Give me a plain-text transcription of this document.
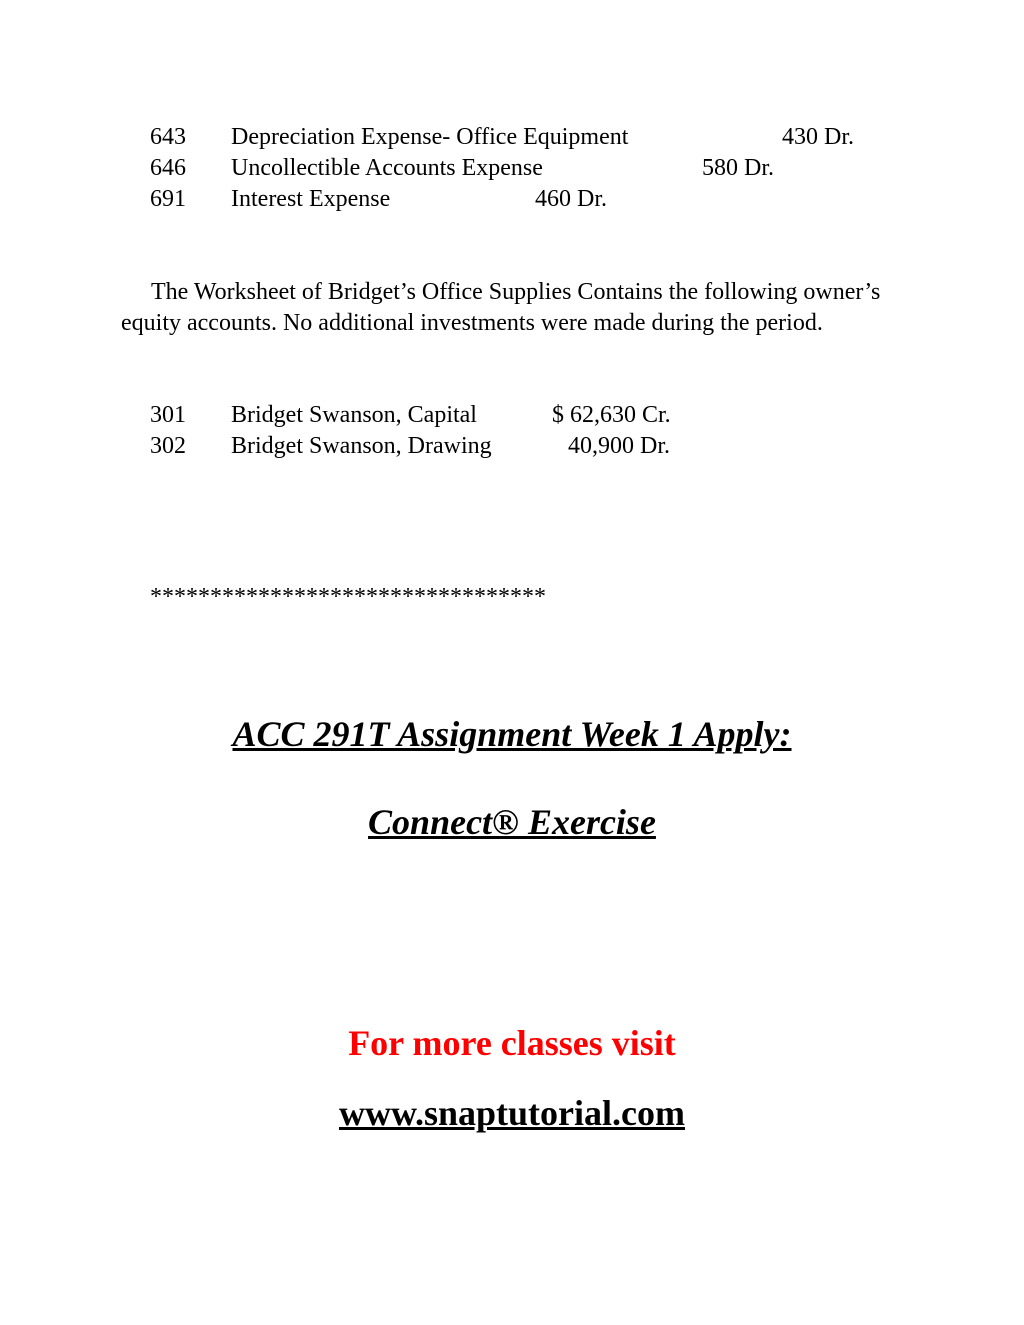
643 Depreciation Expense- Office Equipment	430 Dr.
646 Uncollectible Accounts Expense	580 Dr.
691 Interest Expense	460 Dr.
The Worksheet of Bridget’s Office Supplies Contains the following owner’s equity accounts. No additional investments were made during the period.
301 Bridget Swanson, Capital	$ 62,630 Cr.
302 Bridget Swanson, Drawing	40,900 Dr.
*********************************
ACC 291T Assignment Week 1 Apply:
Connect® Exercise
For more classes visit
www.snaptutorial.com
